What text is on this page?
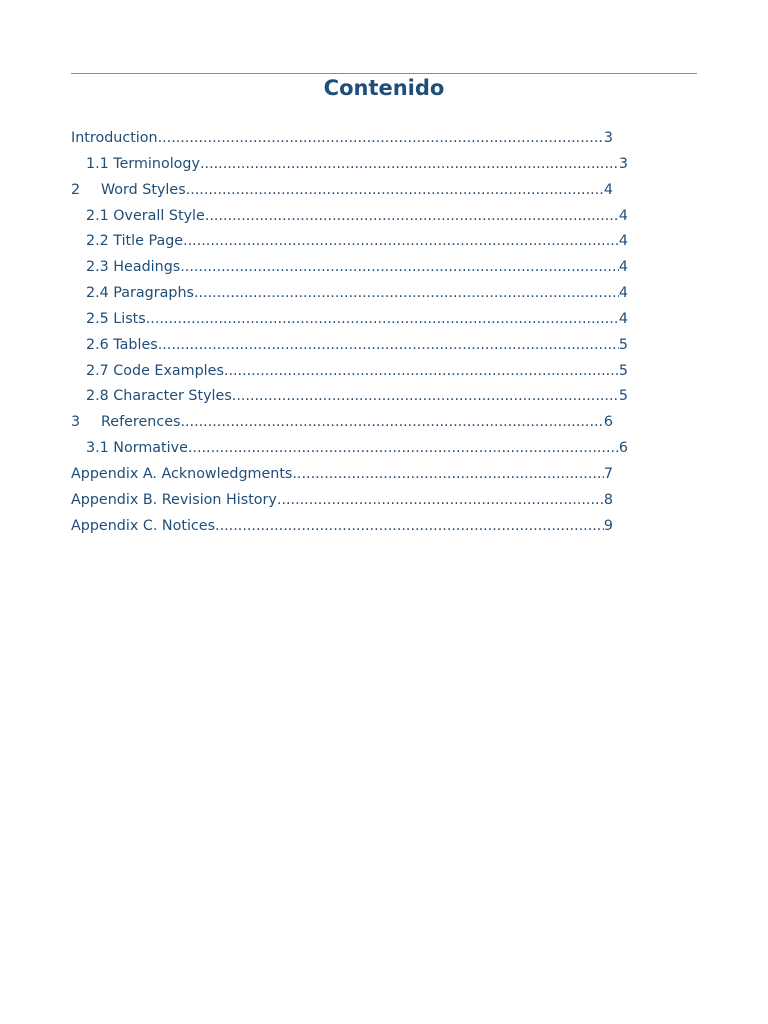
Contenido
Introduction .....	3
1.1 Terminology .....	3
2	Word Styles .....	4
2.1 Overall Style .....	4
2.2 Title Page .....	4
2.3 Headings .....	4
2.4 Paragraphs .....	4
2.5 Lists .....	4
2.6 Tables .....	5
2.7 Code Examples .....	5
2.8 Character Styles .....	5
3	References .....	6
3.1 Normative .....	6
Appendix A. Acknowledgments .....	7
Appendix B. Revision History .....	8
Appendix C. Notices .....	9
